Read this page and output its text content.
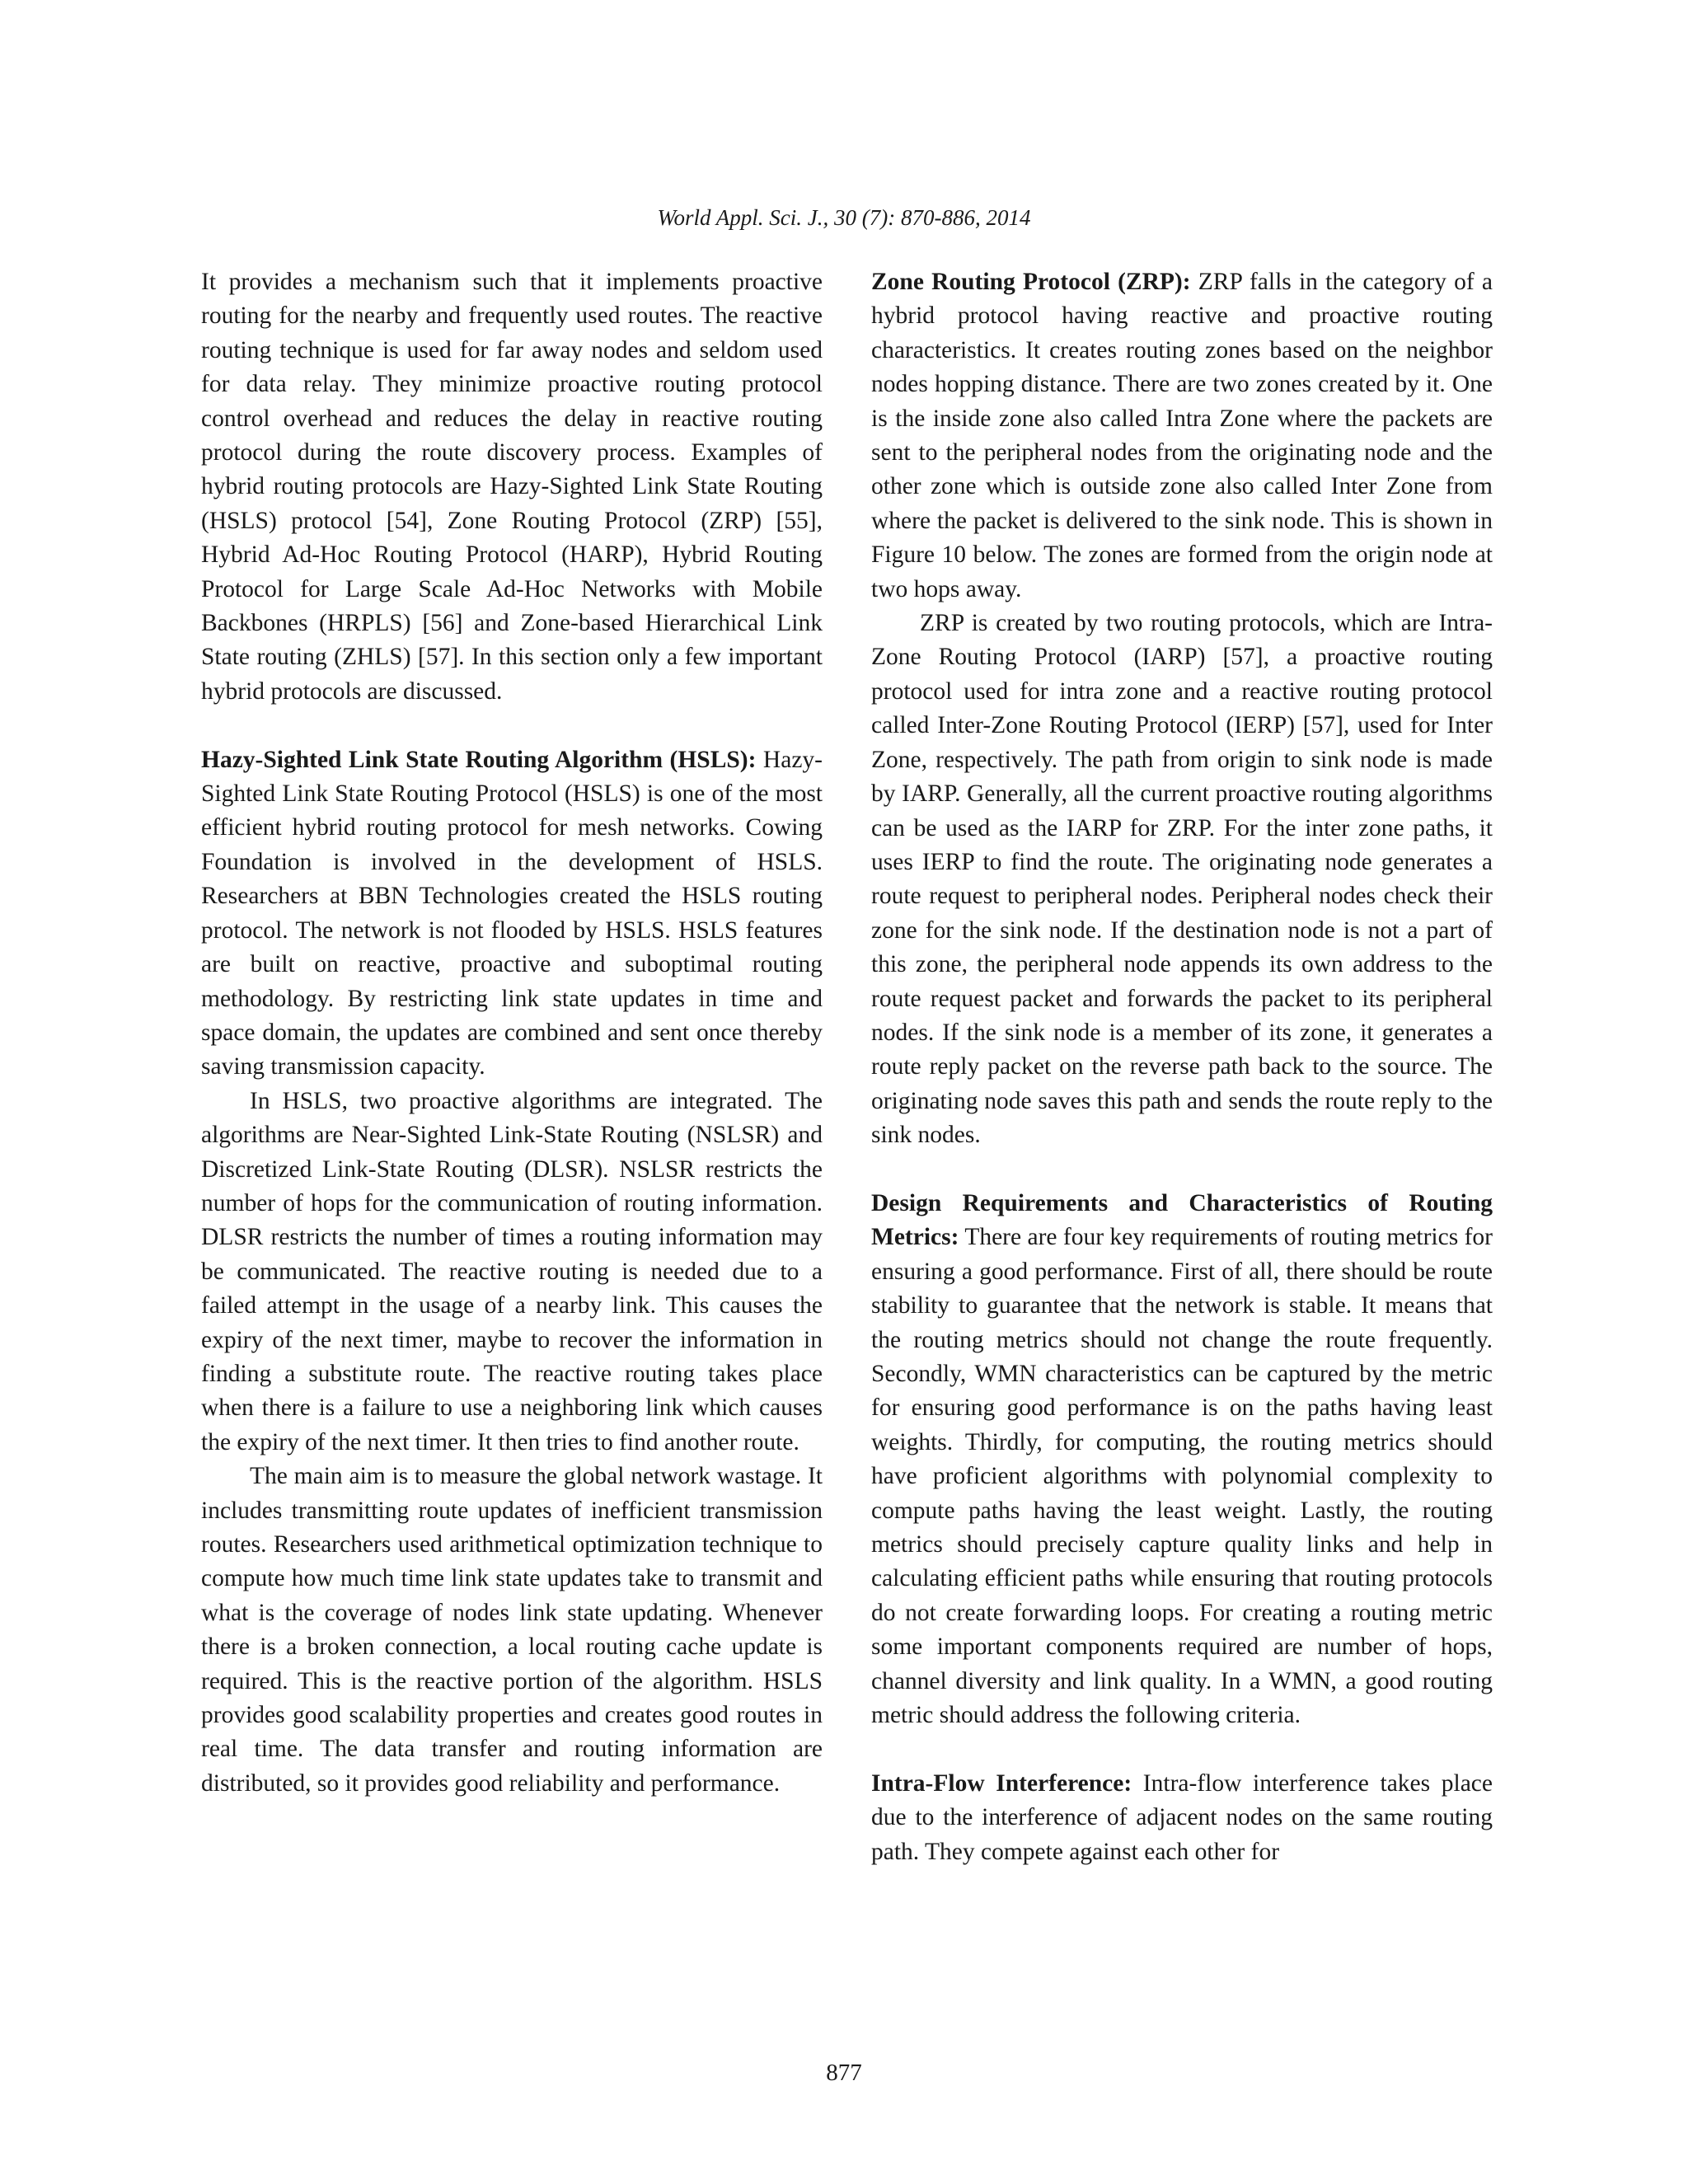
World Appl. Sci. J., 30 (7): 870-886, 2014

It provides a mechanism such that it implements proactive routing for the nearby and frequently used routes. The reactive routing technique is used for far away nodes and seldom used for data relay. They minimize proactive routing protocol control overhead and reduces the delay in reactive routing protocol during the route discovery process. Examples of hybrid routing protocols are Hazy-Sighted Link State Routing (HSLS) protocol [54], Zone Routing Protocol (ZRP) [55], Hybrid Ad-Hoc Routing Protocol (HARP), Hybrid Routing Protocol for Large Scale Ad-Hoc Networks with Mobile Backbones (HRPLS) [56] and Zone-based Hierarchical Link State routing (ZHLS) [57]. In this section only a few important hybrid protocols are discussed.

Hazy-Sighted Link State Routing Algorithm (HSLS): Hazy-Sighted Link State Routing Protocol (HSLS) is one of the most efficient hybrid routing protocol for mesh networks. Cowing Foundation is involved in the development of HSLS. Researchers at BBN Technologies created the HSLS routing protocol. The network is not flooded by HSLS. HSLS features are built on reactive, proactive and suboptimal routing methodology. By restricting link state updates in time and space domain, the updates are combined and sent once thereby saving transmission capacity.

In HSLS, two proactive algorithms are integrated. The algorithms are Near-Sighted Link-State Routing (NSLSR) and Discretized Link-State Routing (DLSR). NSLSR restricts the number of hops for the communication of routing information. DLSR restricts the number of times a routing information may be communicated. The reactive routing is needed due to a failed attempt in the usage of a nearby link. This causes the expiry of the next timer, maybe to recover the information in finding a substitute route. The reactive routing takes place when there is a failure to use a neighboring link which causes the expiry of the next timer. It then tries to find another route.

The main aim is to measure the global network wastage. It includes transmitting route updates of inefficient transmission routes. Researchers used arithmetical optimization technique to compute how much time link state updates take to transmit and what is the coverage of nodes link state updating. Whenever there is a broken connection, a local routing cache update is required. This is the reactive portion of the algorithm. HSLS provides good scalability properties and creates good routes in real time. The data transfer and routing information are distributed, so it provides good reliability and performance.

Zone Routing Protocol (ZRP): ZRP falls in the category of a hybrid protocol having reactive and proactive routing characteristics. It creates routing zones based on the neighbor nodes hopping distance. There are two zones created by it. One is the inside zone also called Intra Zone where the packets are sent to the peripheral nodes from the originating node and the other zone which is outside zone also called Inter Zone from where the packet is delivered to the sink node. This is shown in Figure 10 below. The zones are formed from the origin node at two hops away.

ZRP is created by two routing protocols, which are Intra-Zone Routing Protocol (IARP) [57], a proactive routing protocol used for intra zone and a reactive routing protocol called Inter-Zone Routing Protocol (IERP) [57], used for Inter Zone, respectively. The path from origin to sink node is made by IARP. Generally, all the current proactive routing algorithms can be used as the IARP for ZRP. For the inter zone paths, it uses IERP to find the route. The originating node generates a route request to peripheral nodes. Peripheral nodes check their zone for the sink node. If the destination node is not a part of this zone, the peripheral node appends its own address to the route request packet and forwards the packet to its peripheral nodes. If the sink node is a member of its zone, it generates a route reply packet on the reverse path back to the source. The originating node saves this path and sends the route reply to the sink nodes.

Design Requirements and Characteristics of Routing Metrics: There are four key requirements of routing metrics for ensuring a good performance. First of all, there should be route stability to guarantee that the network is stable. It means that the routing metrics should not change the route frequently. Secondly, WMN characteristics can be captured by the metric for ensuring good performance is on the paths having least weights. Thirdly, for computing, the routing metrics should have proficient algorithms with polynomial complexity to compute paths having the least weight. Lastly, the routing metrics should precisely capture quality links and help in calculating efficient paths while ensuring that routing protocols do not create forwarding loops. For creating a routing metric some important components required are number of hops, channel diversity and link quality. In a WMN, a good routing metric should address the following criteria.

Intra-Flow Interference: Intra-flow interference takes place due to the interference of adjacent nodes on the same routing path. They compete against each other for

877
